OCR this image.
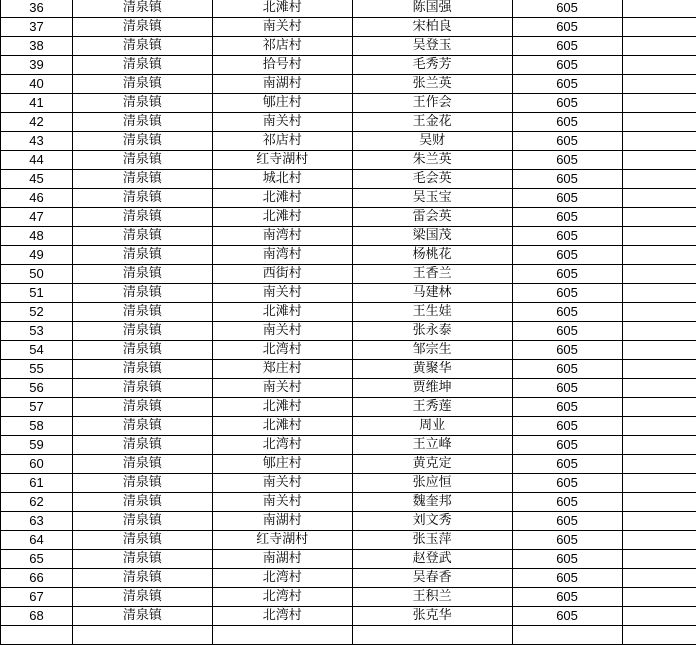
36	清泉镇	北滩村	陈国强	605	
37	清泉镇	南关村	宋柏良	605	
38	清泉镇	祁店村	吴登玉	605	
39	清泉镇	拾号村	毛秀芳	605	
40	清泉镇	南湖村	张兰英	605	
41	清泉镇	郇庄村	王作会	605	
42	清泉镇	南关村	王金花	605	
43	清泉镇	祁店村	吴财	605	
44	清泉镇	红寺湖村	朱兰英	605	
45	清泉镇	城北村	毛会英	605	
46	清泉镇	北滩村	吴玉宝	605	
47	清泉镇	北滩村	雷会英	605	
48	清泉镇	南湾村	梁国茂	605	
49	清泉镇	南湾村	杨桃花	605	
50	清泉镇	西街村	王香兰	605	
51	清泉镇	南关村	马建林	605	
52	清泉镇	北滩村	王生娃	605	
53	清泉镇	南关村	张永泰	605	
54	清泉镇	北湾村	邹宗生	605	
55	清泉镇	郑庄村	黄聚华	605	
56	清泉镇	南关村	贾维坤	605	
57	清泉镇	北滩村	王秀莲	605	
58	清泉镇	北滩村	周业	605	
59	清泉镇	北湾村	王立峰	605	
60	清泉镇	郇庄村	黄克定	605	
61	清泉镇	南关村	张应恒	605	
62	清泉镇	南关村	魏奎邦	605	
63	清泉镇	南湖村	刘文秀	605	
64	清泉镇	红寺湖村	张玉萍	605	
65	清泉镇	南湖村	赵登武	605	
66	清泉镇	北湾村	吴春香	605	
67	清泉镇	北湾村	王积兰	605	
68	清泉镇	北湾村	张克华	605	
